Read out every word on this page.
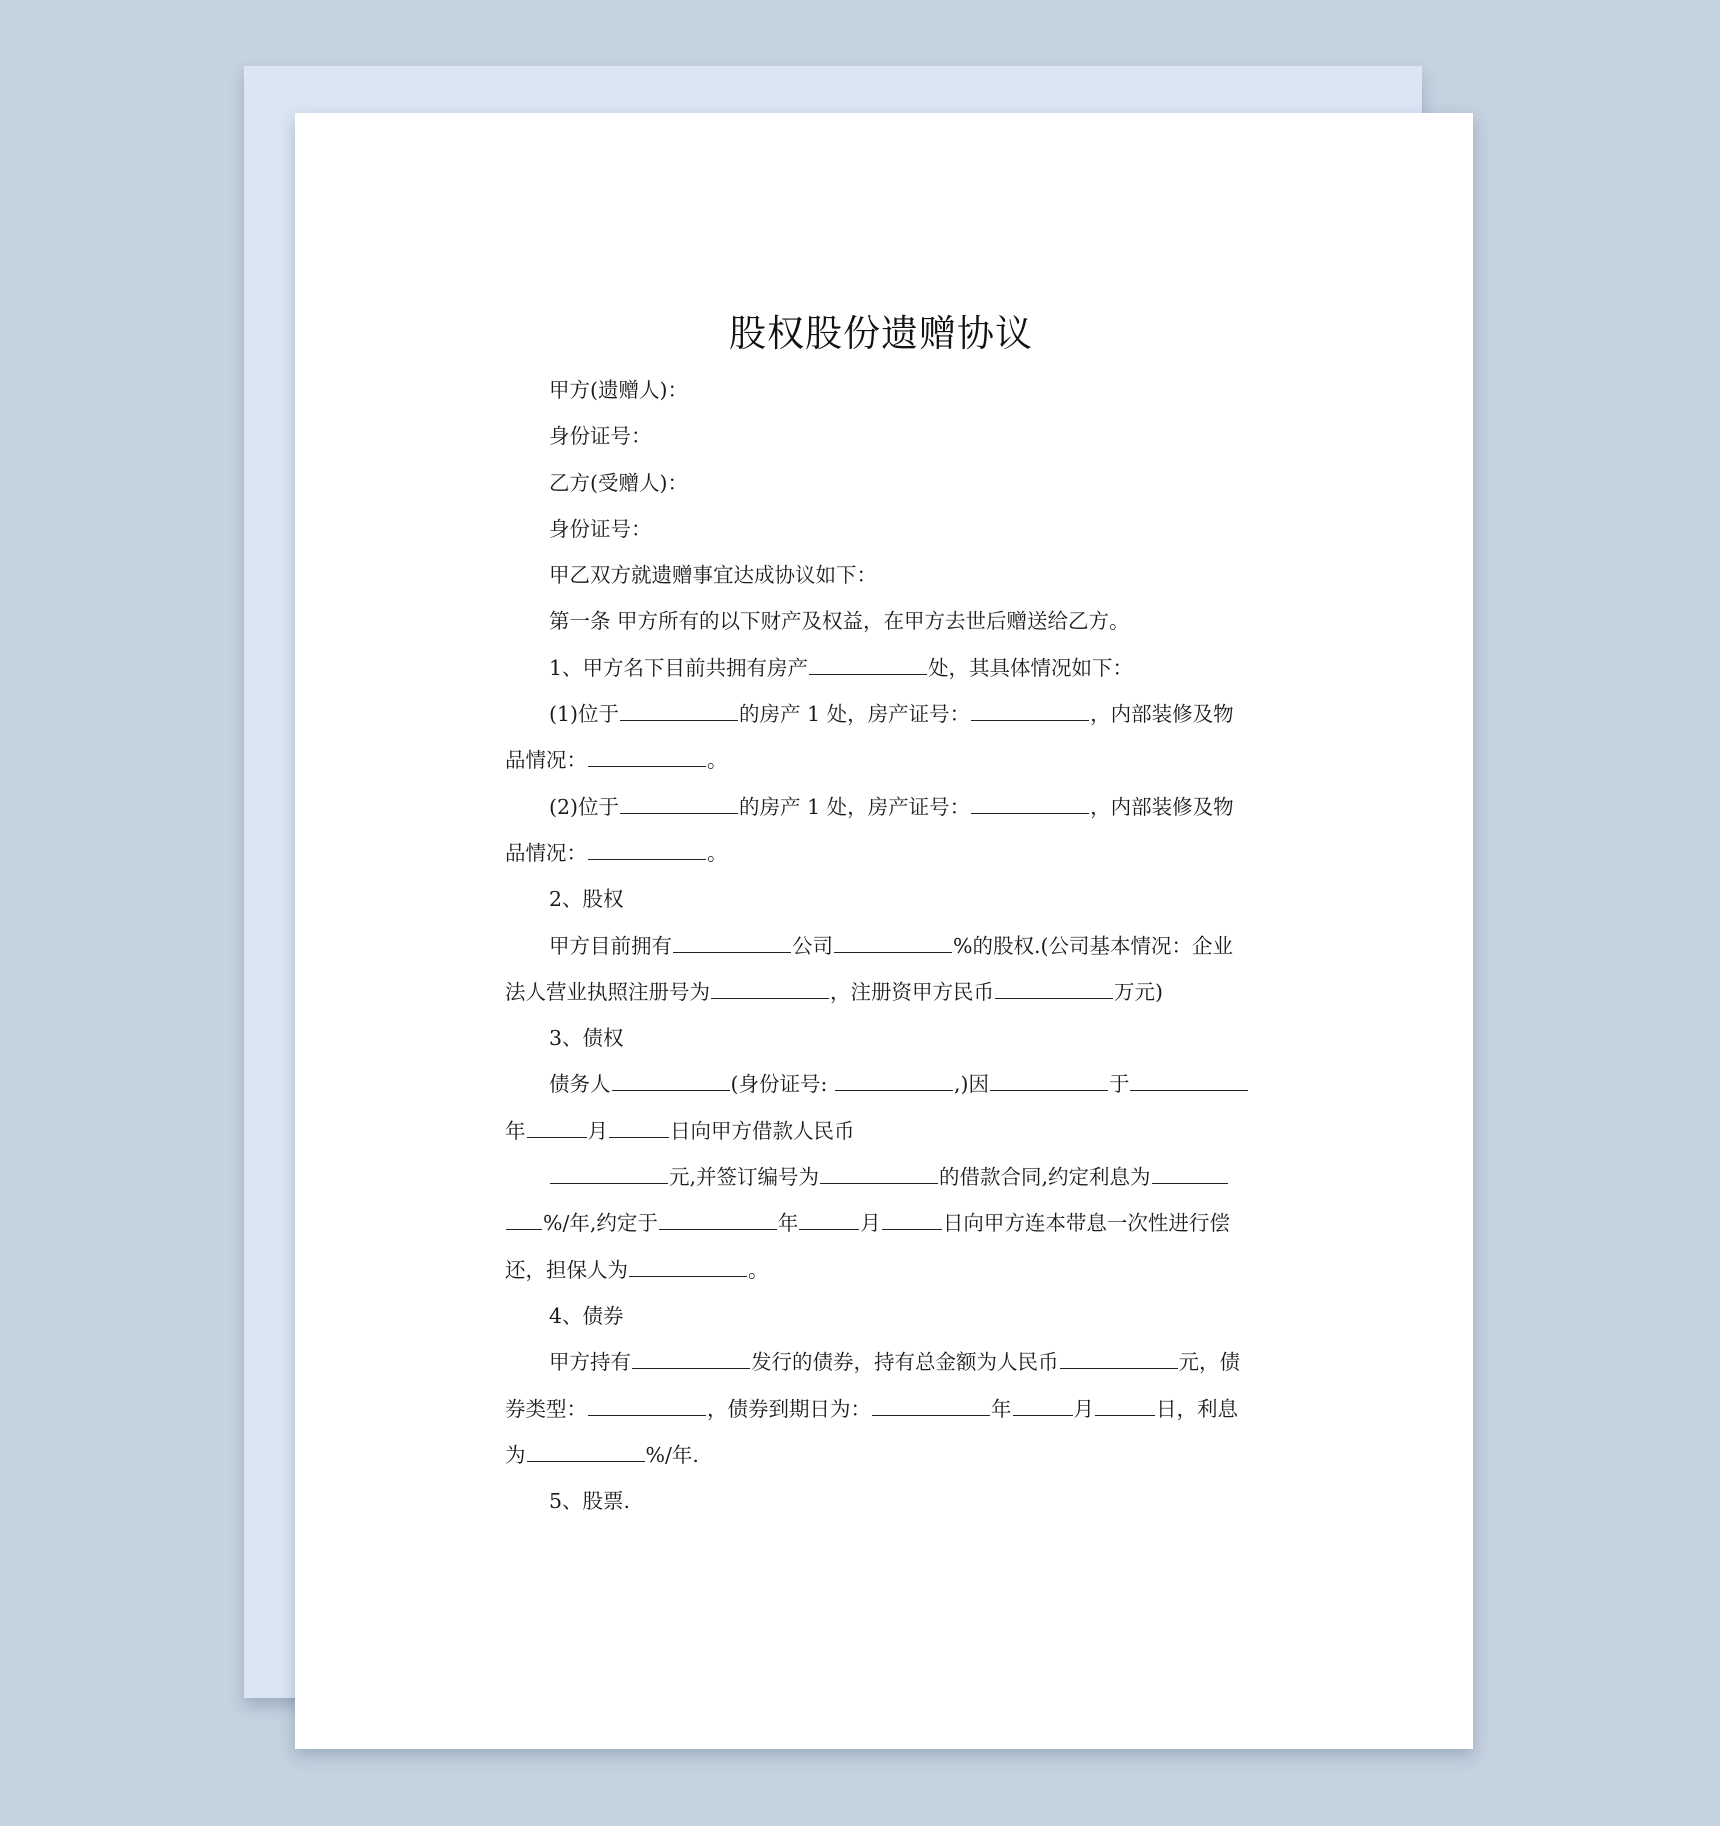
股权股份遗赠协议

甲方(遗赠人)：

身份证号：

乙方(受赠人)：

身份证号：

甲乙双方就遗赠事宜达成协议如下：

第一条 甲方所有的以下财产及权益，在甲方去世后赠送给乙方。

1、甲方名下目前共拥有房产	处，其具体情况如下：

(1)位于	的房产 1 处，房产证号：	，内部装修及物

品情况：	。

(2)位于	的房产 1 处，房产证号：	，内部装修及物

品情况：	。

2、股权

甲方目前拥有	公司	%的股权.(公司基本情况：企业

法人营业执照注册号为	，注册资甲方民币	万元)

3、债权

债务人	(身份证号:	,)因	于

年	月	日向甲方借款人民币

元,并签订编号为	的借款合同,约定利息为

%/年,约定于	年	月	日向甲方连本带息一次性进行偿

还，担保人为	。

4、债券

甲方持有	发行的债券，持有总金额为人民币	元，债

券类型：	，债券到期日为：	年	月	日，利息

为	%/年.

5、股票.
